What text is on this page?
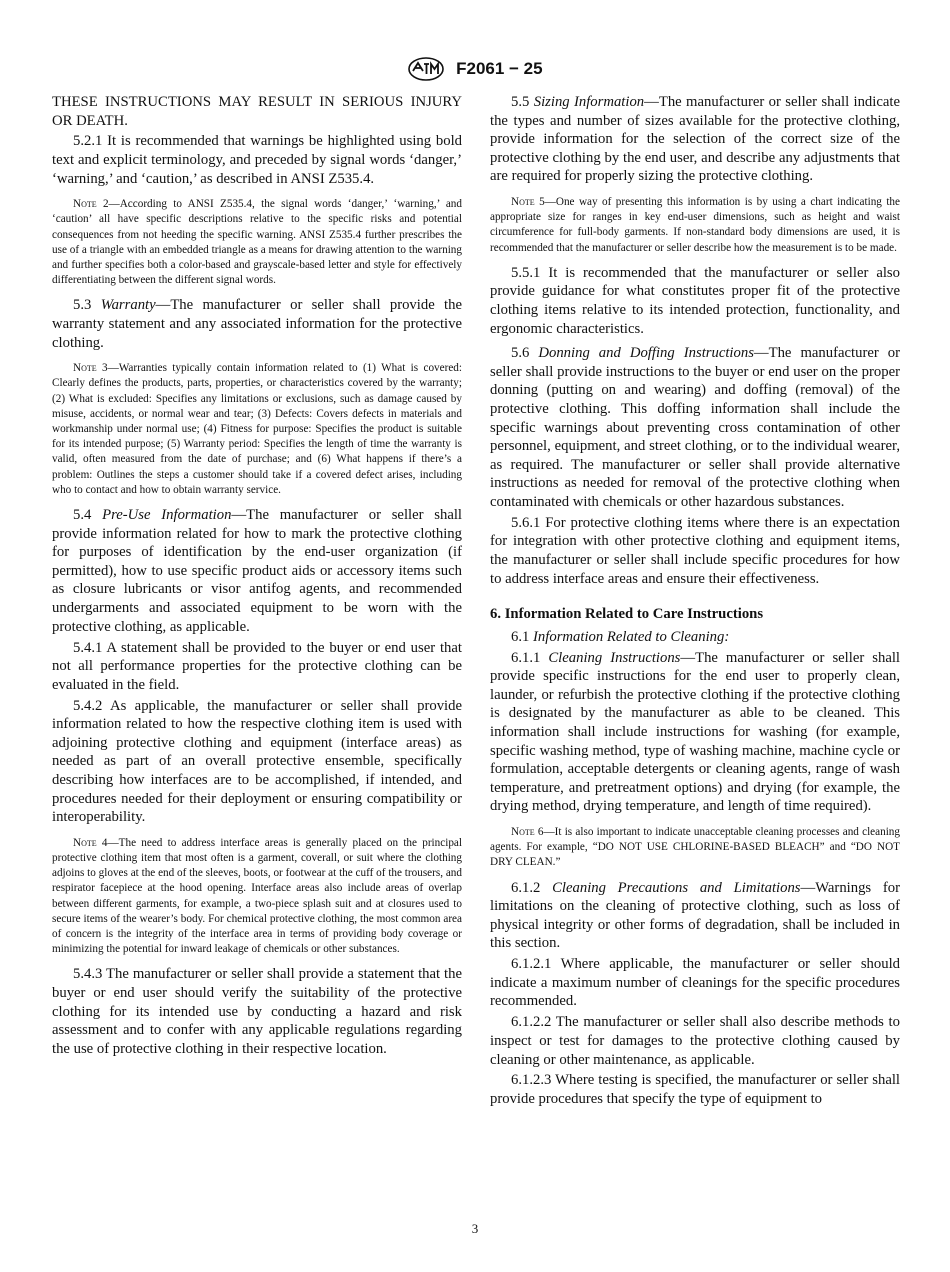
F2061 − 25

THESE INSTRUCTIONS MAY RESULT IN SERIOUS INJURY OR DEATH.

5.2.1 It is recommended that warnings be highlighted using bold text and explicit terminology, and preceded by signal words ‘danger,’ ‘warning,’ and ‘caution,’ as described in ANSI Z535.4.

Note 2—According to ANSI Z535.4, the signal words ‘danger,’ ‘warning,’ and ‘caution’ all have specific descriptions relative to the specific risks and potential consequences from not heeding the specific warning. ANSI Z535.4 further prescribes the use of a triangle with an embedded triangle as a means for drawing attention to the warning and further specifies both a color-based and grayscale-based letter and style for effectively differentiating between the different signal words.

5.3 Warranty—The manufacturer or seller shall provide the warranty statement and any associated information for the protective clothing.

Note 3—Warranties typically contain information related to (1) What is covered: Clearly defines the products, parts, properties, or characteristics covered by the warranty; (2) What is excluded: Specifies any limitations or exclusions, such as damage caused by misuse, accidents, or normal wear and tear; (3) Defects: Covers defects in materials and workmanship under normal use; (4) Fitness for purpose: Specifies the product is suitable for its intended purpose; (5) Warranty period: Specifies the length of time the warranty is valid, often measured from the date of purchase; and (6) What happens if there’s a problem: Outlines the steps a customer should take if a covered defect arises, including who to contact and how to obtain warranty service.

5.4 Pre-Use Information—The manufacturer or seller shall provide information related for how to mark the protective clothing for purposes of identification by the end-user organization (if permitted), how to use specific product aids or accessory items such as closure lubricants or visor antifog agents, and recommended undergarments and associated equipment to be worn with the protective clothing, as applicable.

5.4.1 A statement shall be provided to the buyer or end user that not all performance properties for the protective clothing can be evaluated in the field.

5.4.2 As applicable, the manufacturer or seller shall provide information related to how the respective clothing item is used with adjoining protective clothing and equipment (interface areas) as needed as part of an overall protective ensemble, specifically describing how interfaces are to be accomplished, if intended, and procedures needed for their deployment or ensuring compatibility or interoperability.

Note 4—The need to address interface areas is generally placed on the principal protective clothing item that most often is a garment, coverall, or suit where the clothing adjoins to gloves at the end of the sleeves, boots, or footwear at the cuff of the trousers, and respirator facepiece at the hood opening. Interface areas also include areas of overlap between different garments, for example, a two-piece splash suit and at closures used to secure items of the wearer’s body. For chemical protective clothing, the most common area of concern is the integrity of the interface area in terms of providing body coverage or minimizing the potential for inward leakage of chemicals or other substances.

5.4.3 The manufacturer or seller shall provide a statement that the buyer or end user should verify the suitability of the protective clothing for its intended use by conducting a hazard and risk assessment and to confer with any applicable regulations regarding the use of protective clothing in their respective location.

5.5 Sizing Information—The manufacturer or seller shall indicate the types and number of sizes available for the protective clothing, provide information for the selection of the correct size of the protective clothing by the end user, and describe any adjustments that are required for properly sizing the protective clothing.

Note 5—One way of presenting this information is by using a chart indicating the appropriate size for ranges in key end-user dimensions, such as height and waist circumference for full-body garments. If non-standard body dimensions are used, it is recommended that the manufacturer or seller describe how the measurement is to be made.

5.5.1 It is recommended that the manufacturer or seller also provide guidance for what constitutes proper fit of the protective clothing items relative to its intended protection, functionality, and ergonomic characteristics.

5.6 Donning and Doffing Instructions—The manufacturer or seller shall provide instructions to the buyer or end user on the proper donning (putting on and wearing) and doffing (removal) of the protective clothing. This doffing information shall include the specific warnings about preventing cross contamination of other personnel, equipment, and street clothing, or to the individual wearer, as required. The manufacturer or seller shall provide alternative instructions as needed for removal of the protective clothing when contaminated with chemicals or other hazardous substances.

5.6.1 For protective clothing items where there is an expectation for integration with other protective clothing and equipment items, the manufacturer or seller shall include specific procedures for how to address interface areas and ensure their effectiveness.

6. Information Related to Care Instructions

6.1 Information Related to Cleaning:

6.1.1 Cleaning Instructions—The manufacturer or seller shall provide specific instructions for the end user to properly clean, launder, or refurbish the protective clothing if the protective clothing is designated by the manufacturer as able to be cleaned. This information shall include instructions for washing (for example, specific washing method, type of washing machine, machine cycle or formulation, acceptable detergents or cleaning agents, range of wash temperature, and pretreatment options) and drying (for example, the drying method, drying temperature, and length of time required).

Note 6—It is also important to indicate unacceptable cleaning processes and cleaning agents. For example, “DO NOT USE CHLORINE-BASED BLEACH” and “DO NOT DRY CLEAN.”

6.1.2 Cleaning Precautions and Limitations—Warnings for limitations on the cleaning of protective clothing, such as loss of physical integrity or other forms of degradation, shall be included in this section.

6.1.2.1 Where applicable, the manufacturer or seller should indicate a maximum number of cleanings for the specific procedures recommended.

6.1.2.2 The manufacturer or seller shall also describe methods to inspect or test for damages to the protective clothing caused by cleaning or other maintenance, as applicable.

6.1.2.3 Where testing is specified, the manufacturer or seller shall provide procedures that specify the type of equipment to

3
